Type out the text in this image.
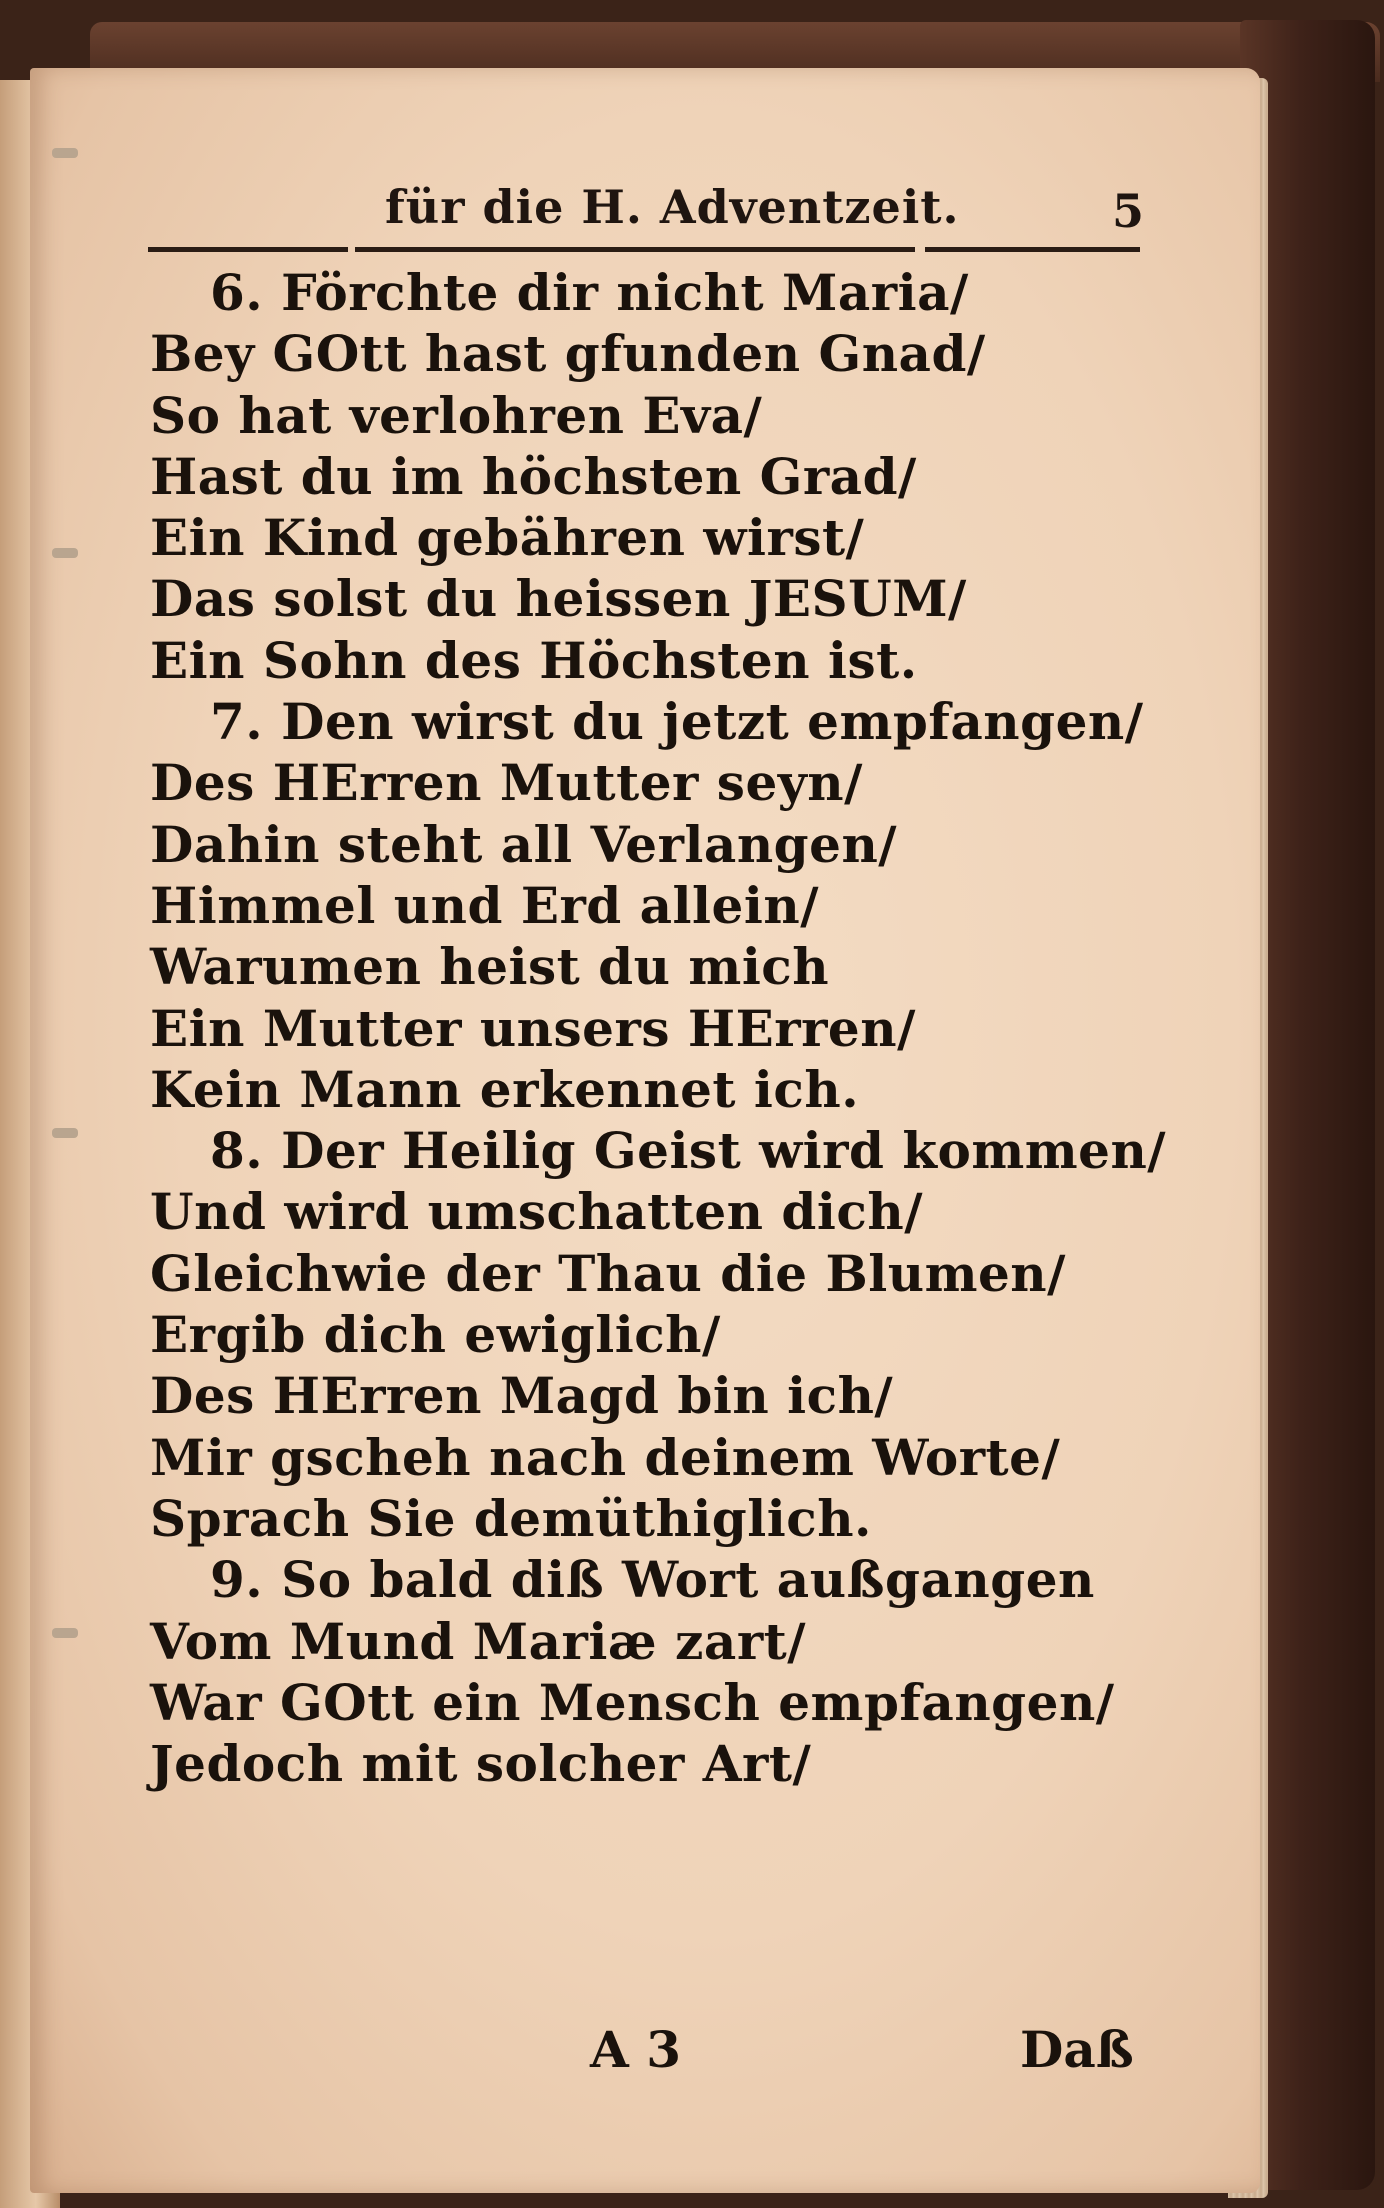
für die H. Adventzeit.	5
6. Förchte dir nicht Maria/
Bey GOtt hast gfunden Gnad/
So hat verlohren Eva/
Hast du im höchsten Grad/
Ein Kind gebähren wirst/
Das solst du heissen JESUM/
Ein Sohn des Höchsten ist.
7. Den wirst du jetzt empfangen/
Des HErren Mutter seyn/
Dahin steht all Verlangen/
Himmel und Erd allein/
Warumen heist du mich
Ein Mutter unsers HErren/
Kein Mann erkennet ich.
8. Der Heilig Geist wird kommen/
Und wird umschatten dich/
Gleichwie der Thau die Blumen/
Ergib dich ewiglich/
Des HErren Magd bin ich/
Mir gscheh nach deinem Worte/
Sprach Sie demüthiglich.
9. So bald diß Wort außgangen
Vom Mund Mariæ zart/
War GOtt ein Mensch empfangen/
Jedoch mit solcher Art/
A 3	Daß
